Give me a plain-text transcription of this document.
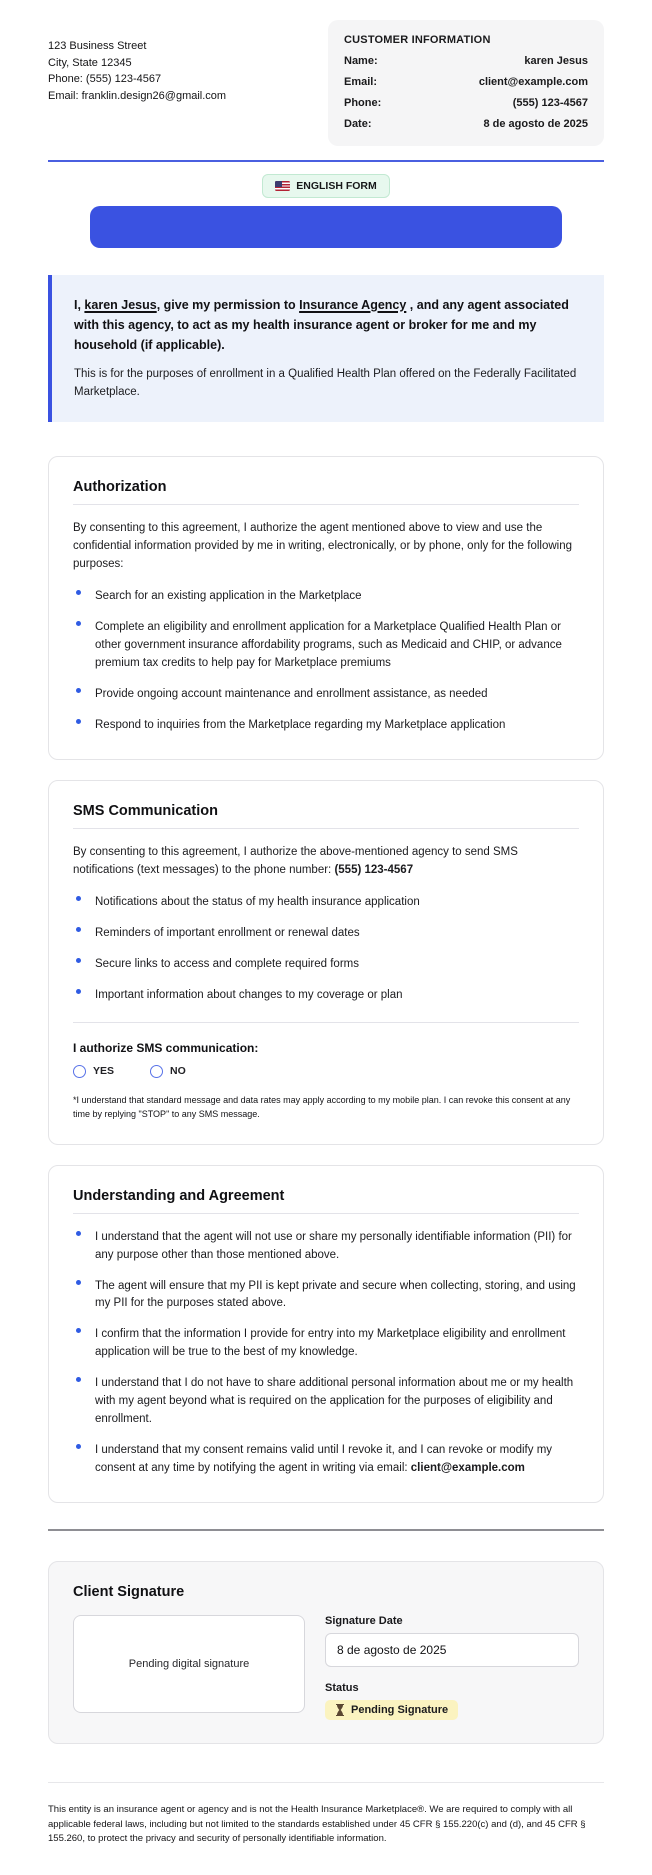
123 Business Street
City, State 12345
Phone: (555) 123-4567
Email: franklin.design26@gmail.com
CUSTOMER INFORMATION
Name:	karen Jesus
Email:	client@example.com
Phone:	(555) 123-4567
Date:	8 de agosto de 2025
ENGLISH FORM

I, karen Jesus, give my permission to Insurance Agency , and any agent associated with this agency, to act as my health insurance agent or broker for me and my household (if applicable).

This is for the purposes of enrollment in a Qualified Health Plan offered on the Federally Facilitated Marketplace.

Authorization

By consenting to this agreement, I authorize the agent mentioned above to view and use the confidential information provided by me in writing, electronically, or by phone, only for the following purposes:

Search for an existing application in the Marketplace
Complete an eligibility and enrollment application for a Marketplace Qualified Health Plan or other government insurance affordability programs, such as Medicaid and CHIP, or advance premium tax credits to help pay for Marketplace premiums
Provide ongoing account maintenance and enrollment assistance, as needed
Respond to inquiries from the Marketplace regarding my Marketplace application
SMS Communication

By consenting to this agreement, I authorize the above-mentioned agency to send SMS notifications (text messages) to the phone number: (555) 123-4567

Notifications about the status of my health insurance application
Reminders of important enrollment or renewal dates
Secure links to access and complete required forms
Important information about changes to my coverage or plan

I authorize SMS communication:

YES	NO

*I understand that standard message and data rates may apply according to my mobile plan. I can revoke this consent at any time by replying "STOP" to any SMS message.

Understanding and Agreement
I understand that the agent will not use or share my personally identifiable information (PII) for any purpose other than those mentioned above.
The agent will ensure that my PII is kept private and secure when collecting, storing, and using my PII for the purposes stated above.
I confirm that the information I provide for entry into my Marketplace eligibility and enrollment application will be true to the best of my knowledge.
I understand that I do not have to share additional personal information about me or my health with my agent beyond what is required on the application for the purposes of eligibility and enrollment.
I understand that my consent remains valid until I revoke it, and I can revoke or modify my consent at any time by notifying the agent in writing via email: client@example.com
Client Signature
Pending digital signature
Signature Date
8 de agosto de 2025
Status
Pending Signature

This entity is an insurance agent or agency and is not the Health Insurance Marketplace®. We are required to comply with all applicable federal laws, including but not limited to the standards established under 45 CFR § 155.220(c) and (d), and 45 CFR § 155.260, to protect the privacy and security of personally identifiable information.
